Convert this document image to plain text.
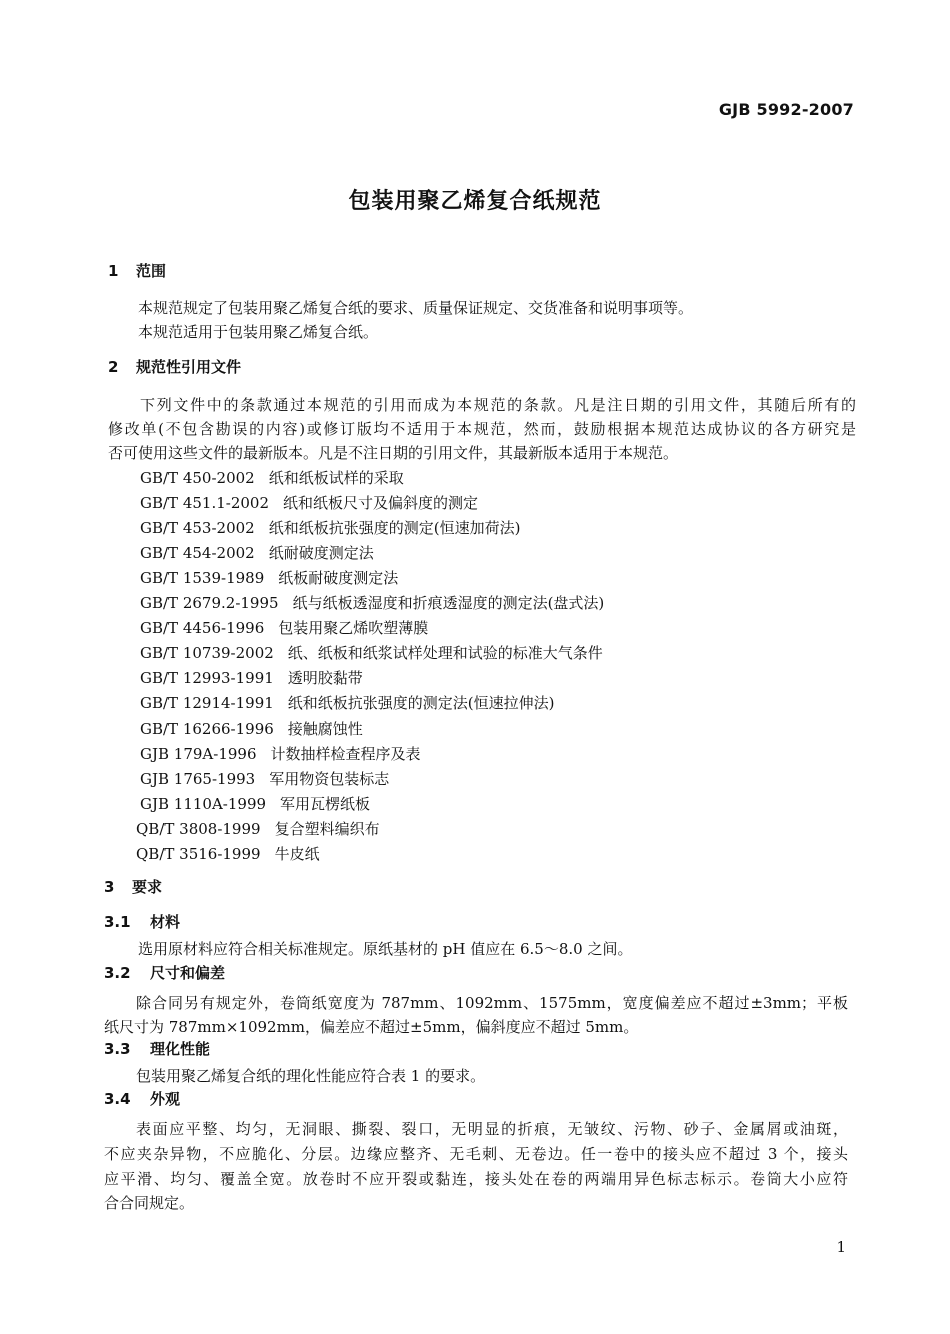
GJB 5992-2007
包装用聚乙烯复合纸规范
1 范围
本规范规定了包装用聚乙烯复合纸的要求、质量保证规定、交货准备和说明事项等。
本规范适用于包装用聚乙烯复合纸。
2 规范性引用文件
下列文件中的条款通过本规范的引用而成为本规范的条款。凡是注日期的引用文件，其随后所有的
修改单(不包含勘误的内容)或修订版均不适用于本规范，然而，鼓励根据本规范达成协议的各方研究是
否可使用这些文件的最新版本。凡是不注日期的引用文件，其最新版本适用于本规范。
GB/T 450-2002 纸和纸板试样的采取
GB/T 451.1-2002 纸和纸板尺寸及偏斜度的测定
GB/T 453-2002 纸和纸板抗张强度的测定(恒速加荷法)
GB/T 454-2002 纸耐破度测定法
GB/T 1539-1989 纸板耐破度测定法
GB/T 2679.2-1995 纸与纸板透湿度和折痕透湿度的测定法(盘式法)
GB/T 4456-1996 包装用聚乙烯吹塑薄膜
GB/T 10739-2002 纸、纸板和纸浆试样处理和试验的标准大气条件
GB/T 12993-1991 透明胶黏带
GB/T 12914-1991 纸和纸板抗张强度的测定法(恒速拉伸法)
GB/T 16266-1996 接触腐蚀性
GJB 179A-1996 计数抽样检查程序及表
GJB 1765-1993 军用物资包装标志
GJB 1110A-1999 军用瓦楞纸板
QB/T 3808-1999 复合塑料编织布
QB/T 3516-1999 牛皮纸
3 要求
3.1 材料
选用原材料应符合相关标准规定。原纸基材的 pH 值应在 6.5～8.0 之间。
3.2 尺寸和偏差
除合同另有规定外，卷筒纸宽度为 787mm、1092mm、1575mm，宽度偏差应不超过±3mm；平板
纸尺寸为 787mm×1092mm，偏差应不超过±5mm，偏斜度应不超过 5mm。
3.3 理化性能
包装用聚乙烯复合纸的理化性能应符合表 1 的要求。
3.4 外观
表面应平整、均匀，无洞眼、撕裂、裂口，无明显的折痕，无皱纹、污物、砂子、金属屑或油斑，
不应夹杂异物，不应脆化、分层。边缘应整齐、无毛刺、无卷边。任一卷中的接头应不超过 3 个，接头
应平滑、均匀、覆盖全宽。放卷时不应开裂或黏连，接头处在卷的两端用异色标志标示。卷筒大小应符
合合同规定。
1
